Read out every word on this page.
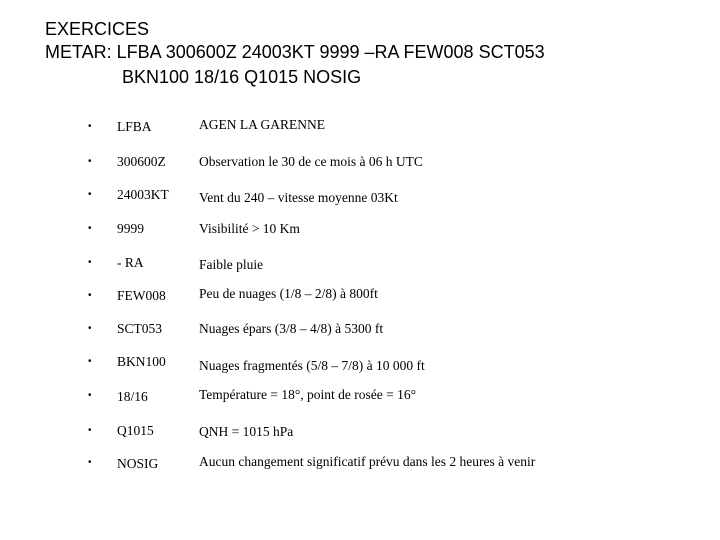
EXERCICES
METAR: LFBA 300600Z 24003KT 9999 –RA FEW008 SCT053
BKN100 18/16 Q1015 NOSIG
• LFBA	AGEN LA GARENNE
• 300600Z Observation le 30 de ce mois à 06 h UTC
• 24003KT Vent du 240 – vitesse moyenne 03Kt
• 9999	Visibilité > 10 Km
• - RA	Faible pluie
• FEW008 Peu de nuages (1/8 – 2/8) à 800ft
• SCT053	Nuages épars (3/8 – 4/8) à 5300 ft
• BKN100 Nuages fragmentés (5/8 – 7/8) à 10 000 ft
• 18/16	Température = 18°, point de rosée = 16°
• Q1015	QNH = 1015 hPa
• NOSIG	Aucun changement significatif prévu dans les 2 heures à venir
